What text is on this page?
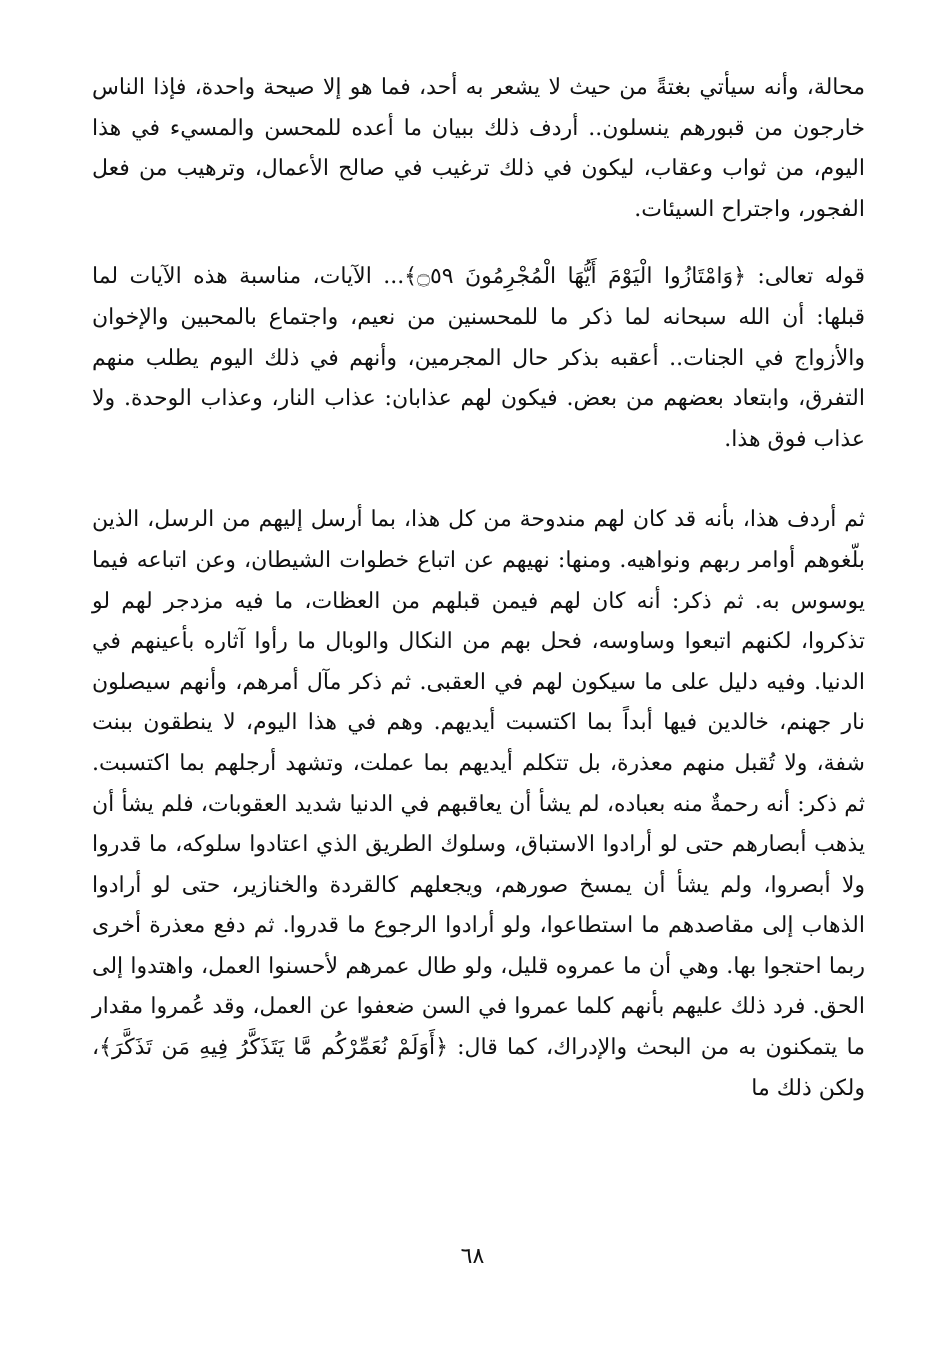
محالة، وأنه سيأتي بغتةً من حيث لا يشعر به أحد، فما هو إلا صيحة واحدة، فإذا الناس خارجون من قبورهم ينسلون.. أردف ذلك ببيان ما أعده للمحسن والمسيء في هذا اليوم، من ثواب وعقاب، ليكون في ذلك ترغيب في صالح الأعمال، وترهيب من فعل الفجور، واجتراح السيئات.

قوله تعالى: ﴿وَامْتَازُوا الْيَوْمَ أَيُّهَا الْمُجْرِمُونَ ۝٥٩﴾... الآيات، مناسبة هذه الآيات لما قبلها: أن الله سبحانه لما ذكر ما للمحسنين من نعيم، واجتماع بالمحبين والإخوان والأزواج في الجنات.. أعقبه بذكر حال المجرمين، وأنهم في ذلك اليوم يطلب منهم التفرق، وابتعاد بعضهم من بعض. فيكون لهم عذابان: عذاب النار، وعذاب الوحدة. ولا عذاب فوق هذا.

ثم أردف هذا، بأنه قد كان لهم مندوحة من كل هذا، بما أرسل إليهم من الرسل، الذين بلّغوهم أوامر ربهم ونواهيه. ومنها: نهيهم عن اتباع خطوات الشيطان، وعن اتباعه فيما يوسوس به. ثم ذكر: أنه كان لهم فيمن قبلهم من العظات، ما فيه مزدجر لهم لو تذكروا، لكنهم اتبعوا وساوسه، فحل بهم من النكال والوبال ما رأوا آثاره بأعينهم في الدنيا. وفيه دليل على ما سيكون لهم في العقبى. ثم ذكر مآل أمرهم، وأنهم سيصلون نار جهنم، خالدين فيها أبداً بما اكتسبت أيديهم. وهم في هذا اليوم، لا ينطقون ببنت شفة، ولا تُقبل منهم معذرة، بل تتكلم أيديهم بما عملت، وتشهد أرجلهم بما اكتسبت. ثم ذكر: أنه رحمةٌ منه بعباده، لم يشأ أن يعاقبهم في الدنيا شديد العقوبات، فلم يشأ أن يذهب أبصارهم حتى لو أرادوا الاستباق، وسلوك الطريق الذي اعتادوا سلوكه، ما قدروا ولا أبصروا، ولم يشأ أن يمسخ صورهم، ويجعلهم كالقردة والخنازير، حتى لو أرادوا الذهاب إلى مقاصدهم ما استطاعوا، ولو أرادوا الرجوع ما قدروا. ثم دفع معذرة أخرى ربما احتجوا بها. وهي أن ما عمروه قليل، ولو طال عمرهم لأحسنوا العمل، واهتدوا إلى الحق. فرد ذلك عليهم بأنهم كلما عمروا في السن ضعفوا عن العمل، وقد عُمروا مقدار ما يتمكنون به من البحث والإدراك، كما قال: ﴿أَوَلَمْ نُعَمِّرْكُم مَّا يَتَذَكَّرُ فِيهِ مَن تَذَكَّرَ﴾، ولكن ذلك ما

٦٨
